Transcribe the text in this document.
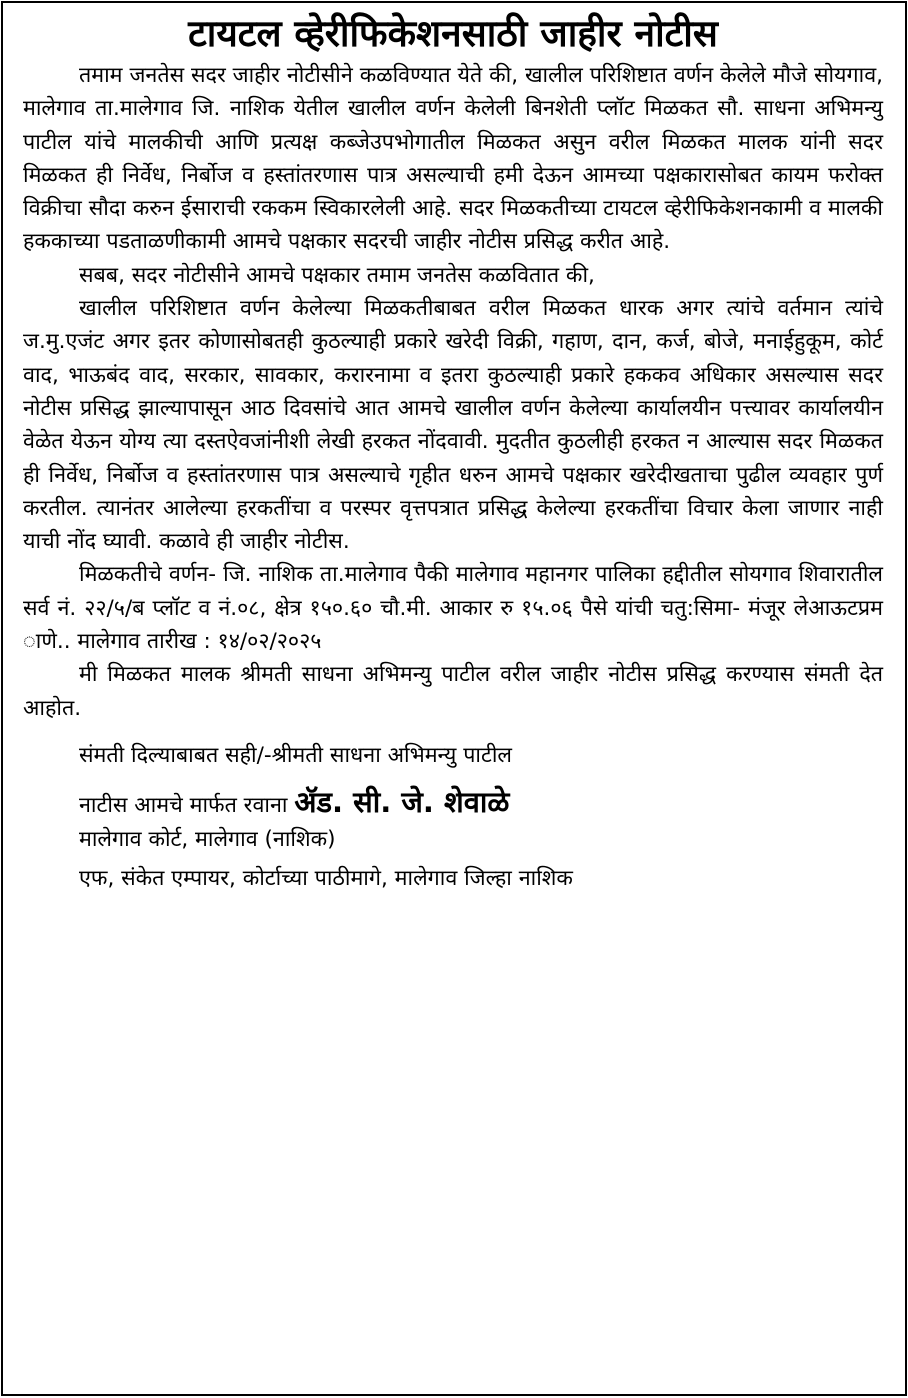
टायटल व्हेरीफिकेशनसाठी जाहीर नोटीस

तमाम जनतेस सदर जाहीर नोटीसीने कळविण्यात येते की, खालील परिशिष्टात वर्णन केलेले मौजे सोयगाव, मालेगाव ता.मालेगाव जि. नाशिक येतील खालील वर्णन केलेली बिनशेती प्लॉट मिळकत सौ. साधना अभिमन्यु पाटील यांचे मालकीची आणि प्रत्यक्ष कब्जेउपभोगातील मिळकत असुन वरील मिळकत मालक यांनी सदर मिळकत ही निर्वेध, निर्बोज व हस्तांतरणास पात्र असल्याची हमी देऊन आमच्या पक्षकारासोबत कायम फरोक्त विक्रीचा सौदा करुन ईसाराची रककम स्विकारलेली आहे. सदर मिळकतीच्या टायटल व्हेरीफिकेशनकामी व मालकी हककाच्या पडताळणीकामी आमचे पक्षकार सदरची जाहीर नोटीस प्रसिद्ध करीत आहे.

सबब, सदर नोटीसीने आमचे पक्षकार तमाम जनतेस कळवितात की,

खालील परिशिष्टात वर्णन केलेल्या मिळकतीबाबत वरील मिळकत धारक अगर त्यांचे वर्तमान त्यांचे ज.मु.एजंट अगर इतर कोणासोबतही कुठल्याही प्रकारे खरेदी विक्री, गहाण, दान, कर्ज, बोजे, मनाईहुकूम, कोर्ट वाद, भाऊबंद वाद, सरकार, सावकार, करारनामा व इतरा कुठल्याही प्रकारे हककव अधिकार असल्यास सदर नोटीस प्रसिद्ध झाल्यापासून आठ दिवसांचे आत आमचे खालील वर्णन केलेल्या कार्यालयीन पत्त्यावर कार्यालयीन वेळेत येऊन योग्य त्या दस्तऐवजांनीशी लेखी हरकत नोंदवावी. मुदतीत कुठलीही हरकत न आल्यास सदर मिळकत ही निर्वेध, निर्बोज व हस्तांतरणास पात्र असल्याचे गृहीत धरुन आमचे पक्षकार खरेदीखताचा पुढील व्यवहार पुर्ण करतील. त्यानंतर आलेल्या हरकतींचा व परस्पर वृत्तपत्रात प्रसिद्ध केलेल्या हरकतींचा विचार केला जाणार नाही याची नोंद घ्यावी. कळावे ही जाहीर नोटीस.

मिळकतीचे वर्णन- जि. नाशिक ता.मालेगाव पैकी मालेगाव महानगर पालिका हद्दीतील सोयगाव शिवारातील सर्व नं. २२/५/ब प्लॉट व नं.०८, क्षेत्र १५०.६० चौ.मी. आकार रु १५.०६ पैसे यांची चतु:सिमा- मंजूर लेआऊटप्रम ाणे.. मालेगाव तारीख : १४/०२/२०२५

मी मिळकत मालक श्रीमती साधना अभिमन्यु पाटील वरील जाहीर नोटीस प्रसिद्ध करण्यास संमती देत आहोत.

संमती दिल्याबाबत सही/-श्रीमती साधना अभिमन्यु पाटील

नाटीस आमचे मार्फत रवाना ॲड. सी. जे. शेवाळे

मालेगाव कोर्ट, मालेगाव (नाशिक)

एफ, संकेत एम्पायर, कोर्टाच्या पाठीमागे, मालेगाव जिल्हा नाशिक
